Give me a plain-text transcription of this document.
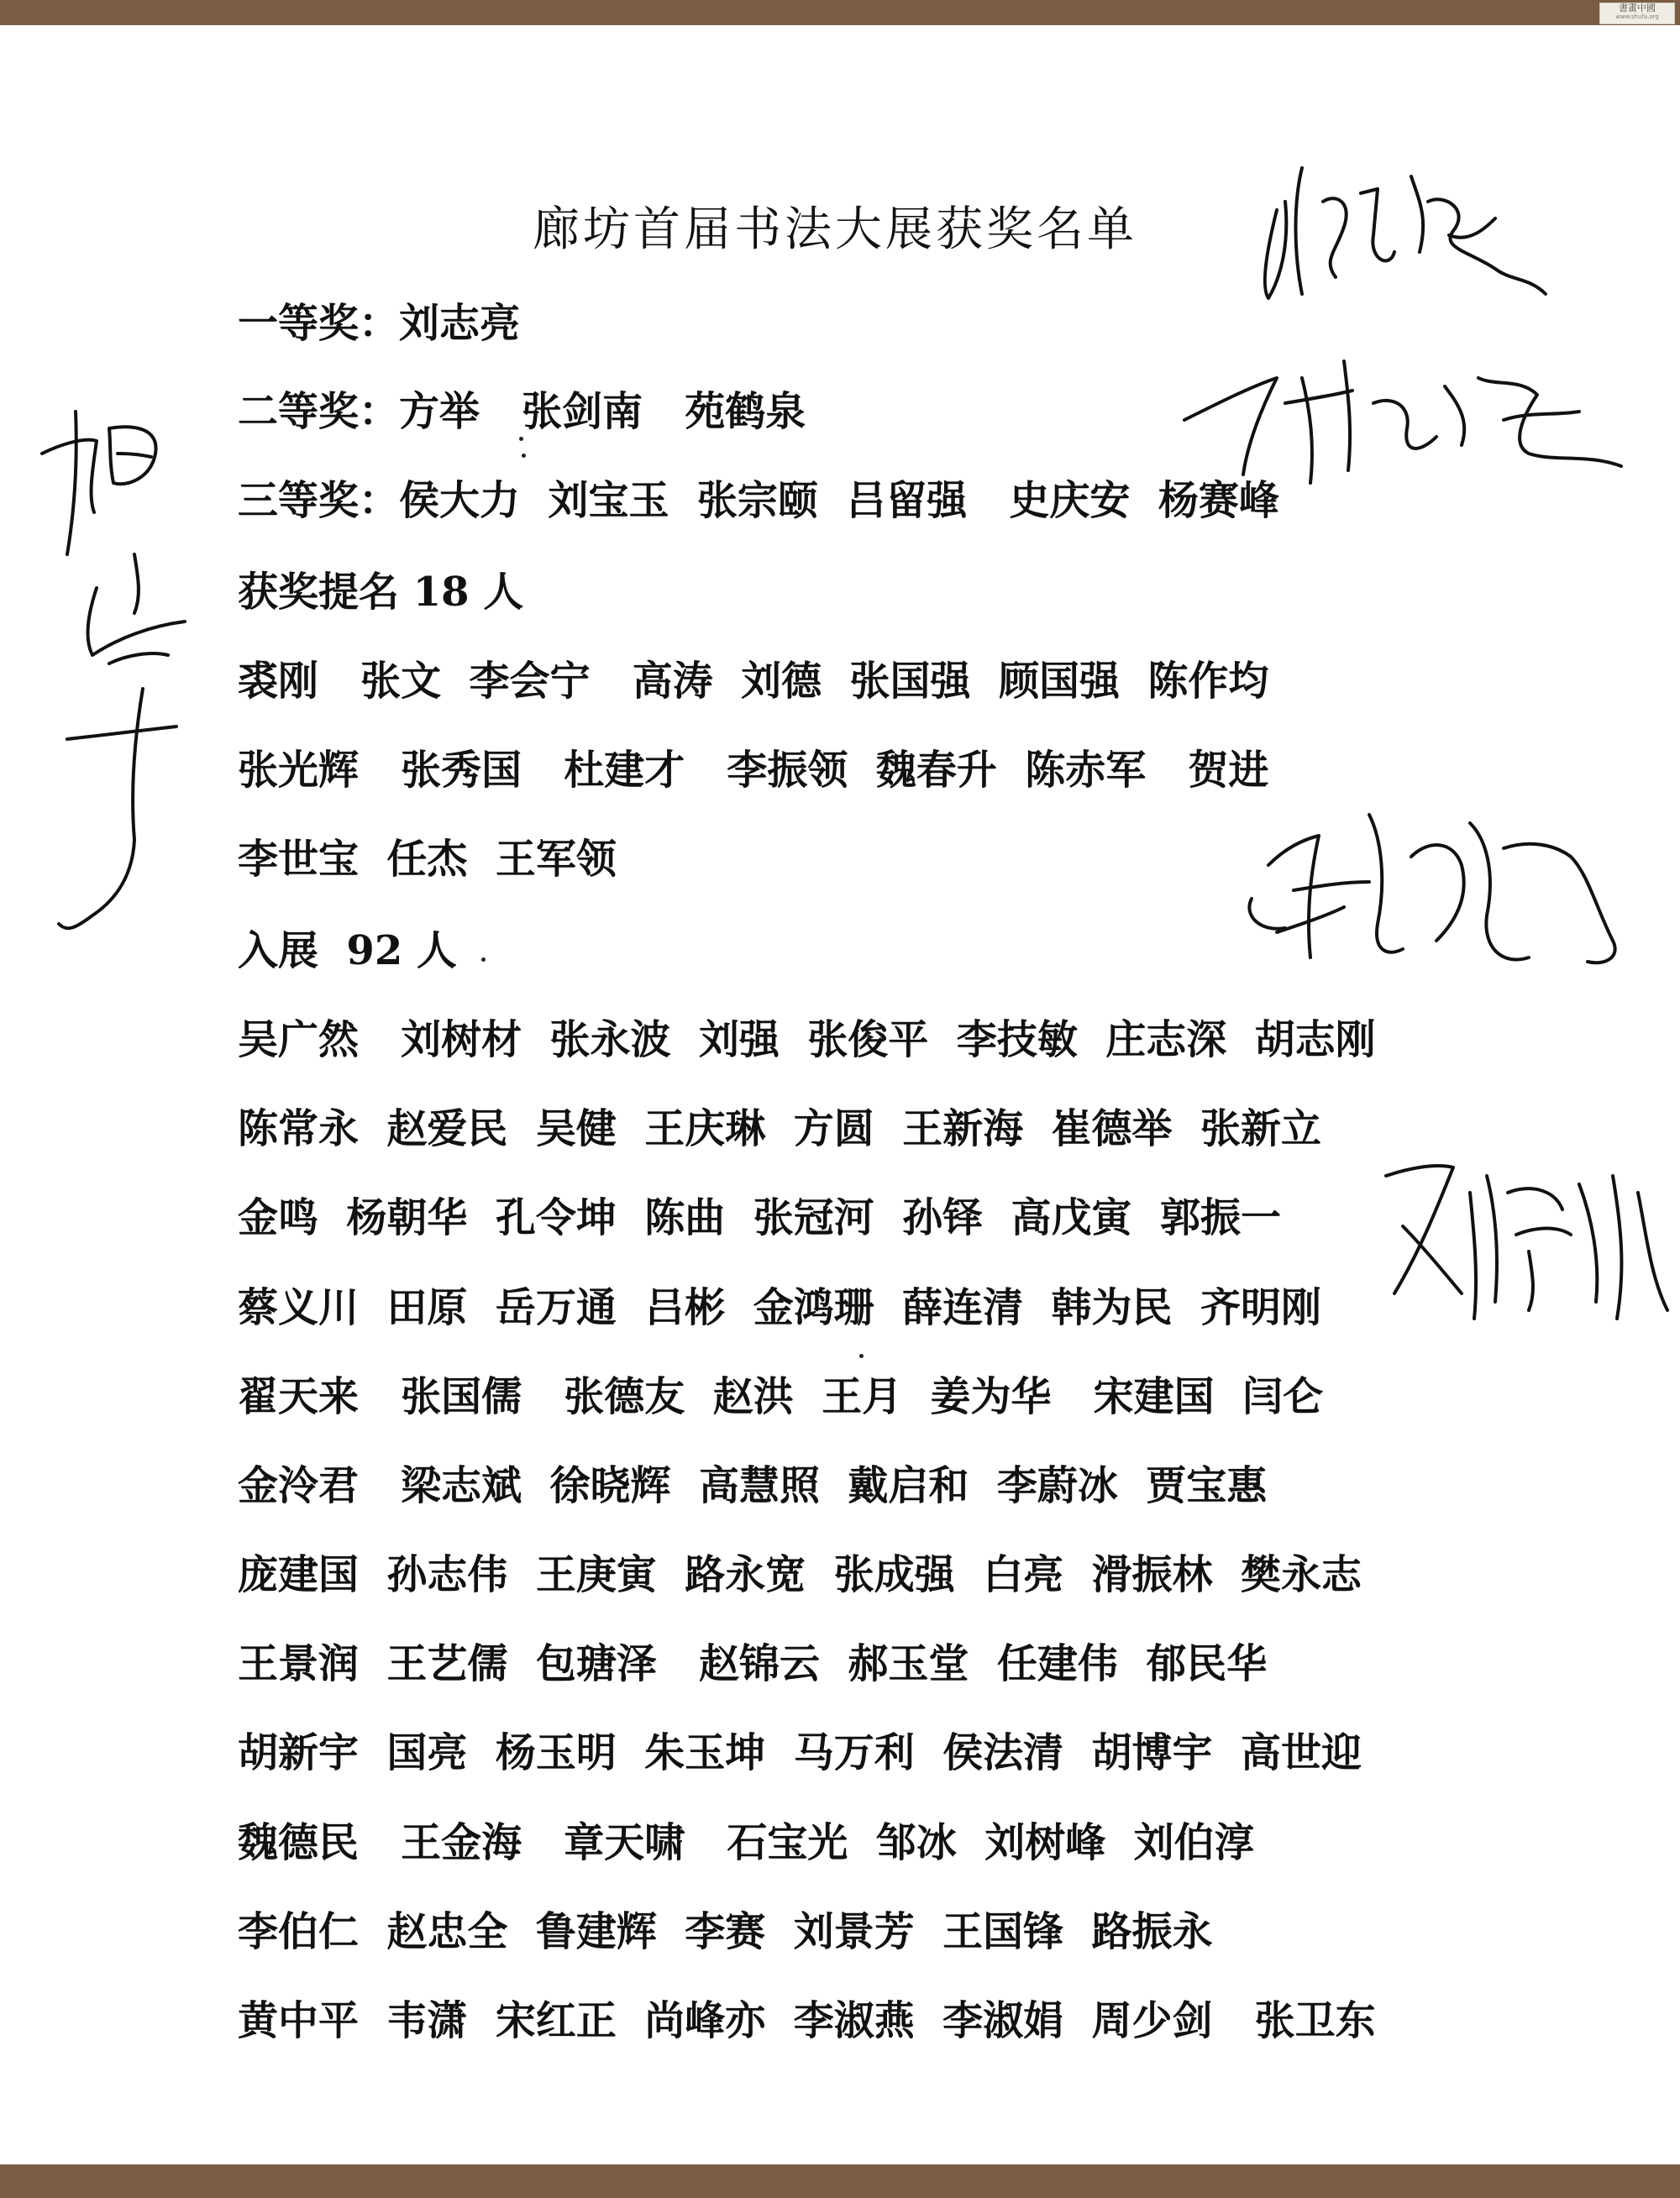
書畫中國
www.shufa.org
廊坊首届书法大展获奖名单
一等奖：刘志亮
二等奖：方举   张剑南   苑鹤泉
三等奖：侯大力  刘宝玉  张宗颐  吕留强   史庆安  杨赛峰
获奖提名 18 人
裘刚   张文  李会宁   高涛  刘德  张国强  顾国强  陈作均
张光辉   张秀国   杜建才   李振领  魏春升  陈赤军   贺进
李世宝  任杰  王军领
入展  92 人
吴广然   刘树材  张永波  刘强  张俊平  李技敏  庄志深  胡志刚
陈常永  赵爱民  吴健  王庆琳  方圆  王新海  崔德举  张新立
金鸣  杨朝华  孔令坤  陈曲  张冠河  孙铎  高戊寅  郭振一
蔡义川  田原  岳万通  吕彬  金鸿珊  薛连清  韩为民  齐明刚
翟天来   张国儒   张德友  赵洪  王月  姜为华   宋建国  闫仑
金泠君   梁志斌  徐晓辉  高慧照  戴启和  李蔚冰  贾宝惠
庞建国  孙志伟  王庚寅  路永宽  张成强  白亮  滑振林  樊永志
王景润  王艺儒  包瑭泽   赵锦云  郝玉堂  任建伟  郁民华
胡新宇  国亮  杨玉明  朱玉坤  马万利  侯法清  胡博宇  高世迎
魏德民   王金海   章天啸   石宝光  邹冰  刘树峰  刘伯淳
李伯仁  赵忠全  鲁建辉  李赛  刘景芳  王国锋  路振永
黄中平  韦潇  宋红正  尚峰亦  李淑燕  李淑娟  周少剑   张卫东
